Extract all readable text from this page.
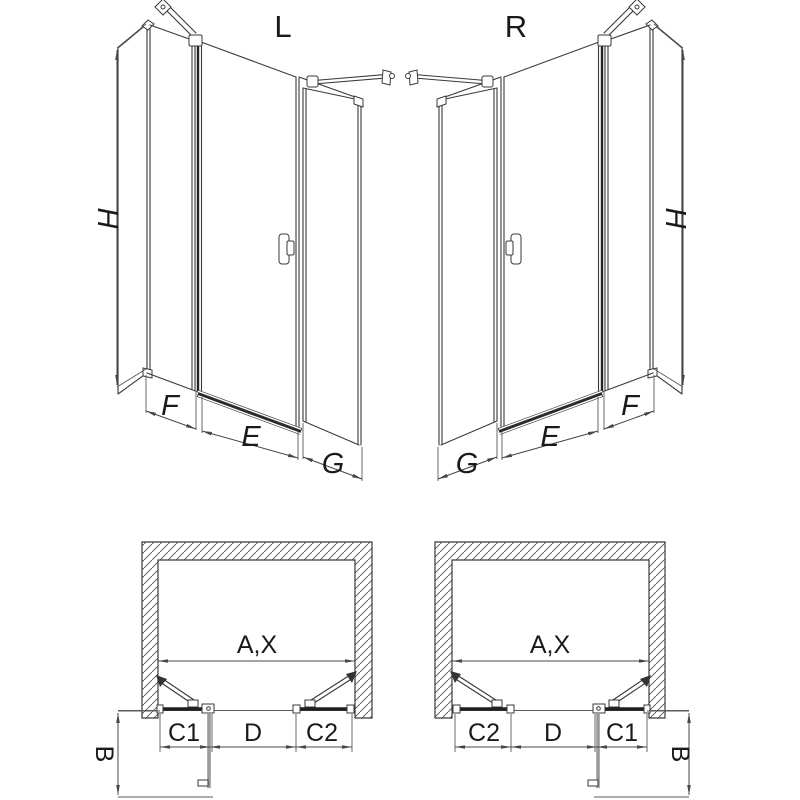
L	R
H
F
E
G
H
G
E
F
A,X
C1 D C2
B
A,X
C2 D C1
B
